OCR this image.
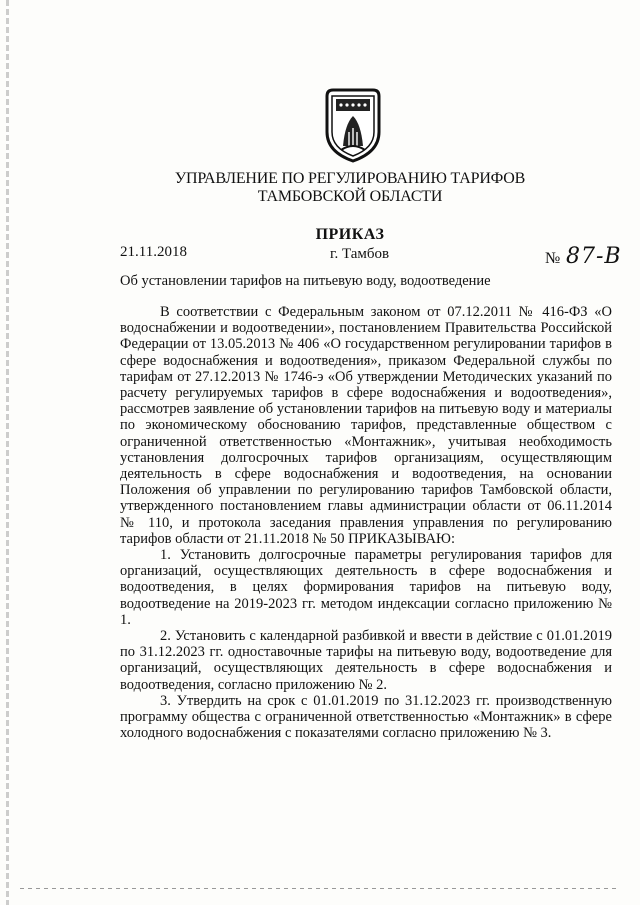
УПРАВЛЕНИЕ ПО РЕГУЛИРОВАНИЮ ТАРИФОВ
ТАМБОВСКОЙ ОБЛАСТИ
ПРИКАЗ
21.11.2018	г. Тамбов	№ 87-В
Об установлении тарифов на питьевую воду, водоотведение

В соответствии с Федеральным законом от 07.12.2011 № 416-ФЗ «О водоснабжении и водоотведении», постановлением Правительства Российской Федерации от 13.05.2013 № 406 «О государственном регулировании тарифов в сфере водоснабжения и водоотведения», приказом Федеральной службы по тарифам от 27.12.2013 № 1746-э «Об утверждении Методических указаний по расчету регулируемых тарифов в сфере водоснабжения и водоотведения», рассмотрев заявление об установлении тарифов на питьевую воду и материалы по экономическому обоснованию тарифов, представленные обществом с ограниченной ответственностью «Монтажник», учитывая необходимость установления долгосрочных тарифов организациям, осуществляющим деятельность в сфере водоснабжения и водоотведения, на основании Положения об управлении по регулированию тарифов Тамбовской области, утвержденного постановлением главы администрации области от 06.11.2014 № 110, и протокола заседания правления управления по регулированию тарифов области от 21.11.2018 № 50 ПРИКАЗЫВАЮ:

1. Установить долгосрочные параметры регулирования тарифов для организаций, осуществляющих деятельность в сфере водоснабжения и водоотведения, в целях формирования тарифов на питьевую воду, водоотведение на 2019-2023 гг. методом индексации согласно приложению № 1.

2. Установить с календарной разбивкой и ввести в действие с 01.01.2019 по 31.12.2023 гг. одноставочные тарифы на питьевую воду, водоотведение для организаций, осуществляющих деятельность в сфере водоснабжения и водоотведения, согласно приложению № 2.

3. Утвердить на срок с 01.01.2019 по 31.12.2023 гг. производственную программу общества с ограниченной ответственностью «Монтажник» в сфере холодного водоснабжения с показателями согласно приложению № 3.
